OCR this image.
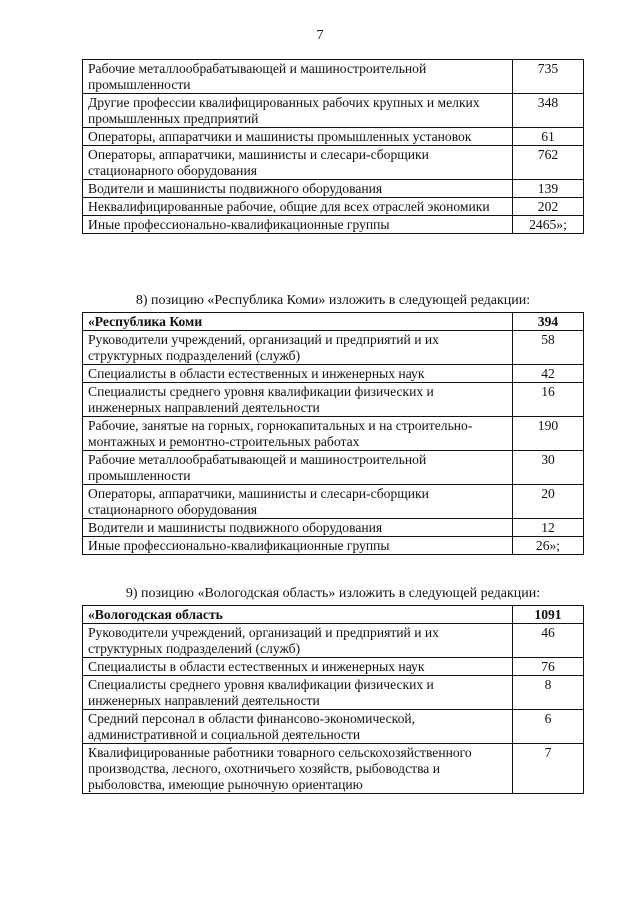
7
Рабочие металлообрабатывающей и машиностроительной промышленности	735
Другие профессии квалифицированных рабочих крупных и мелких промышленных предприятий	348
Операторы, аппаратчики и машинисты промышленных установок	61
Операторы, аппаратчики, машинисты и слесари-сборщики стационарного оборудования	762
Водители и машинисты подвижного оборудования	139
Неквалифицированные рабочие, общие для всех отраслей экономики	202
Иные профессионально-квалификационные группы	2465»;
8) позицию «Республика Коми» изложить в следующей редакции:
«Республика Коми	394
Руководители учреждений, организаций и предприятий и их структурных подразделений (служб)	58
Специалисты в области естественных и инженерных наук	42
Специалисты среднего уровня квалификации физических и инженерных направлений деятельности	16
Рабочие, занятые на горных, горнокапитальных и на строительно-монтажных и ремонтно-строительных работах	190
Рабочие металлообрабатывающей и машиностроительной промышленности	30
Операторы, аппаратчики, машинисты и слесари-сборщики стационарного оборудования	20
Водители и машинисты подвижного оборудования	12
Иные профессионально-квалификационные группы	26»;
9) позицию «Вологодская область» изложить в следующей редакции:
«Вологодская область	1091
Руководители учреждений, организаций и предприятий и их структурных подразделений (служб)	46
Специалисты в области естественных и инженерных наук	76
Специалисты среднего уровня квалификации физических и инженерных направлений деятельности	8
Средний персонал в области финансово-экономической, административной и социальной деятельности	6
Квалифицированные работники товарного сельскохозяйственного производства, лесного, охотничьего хозяйств, рыбоводства и рыболовства, имеющие рыночную ориентацию	7
